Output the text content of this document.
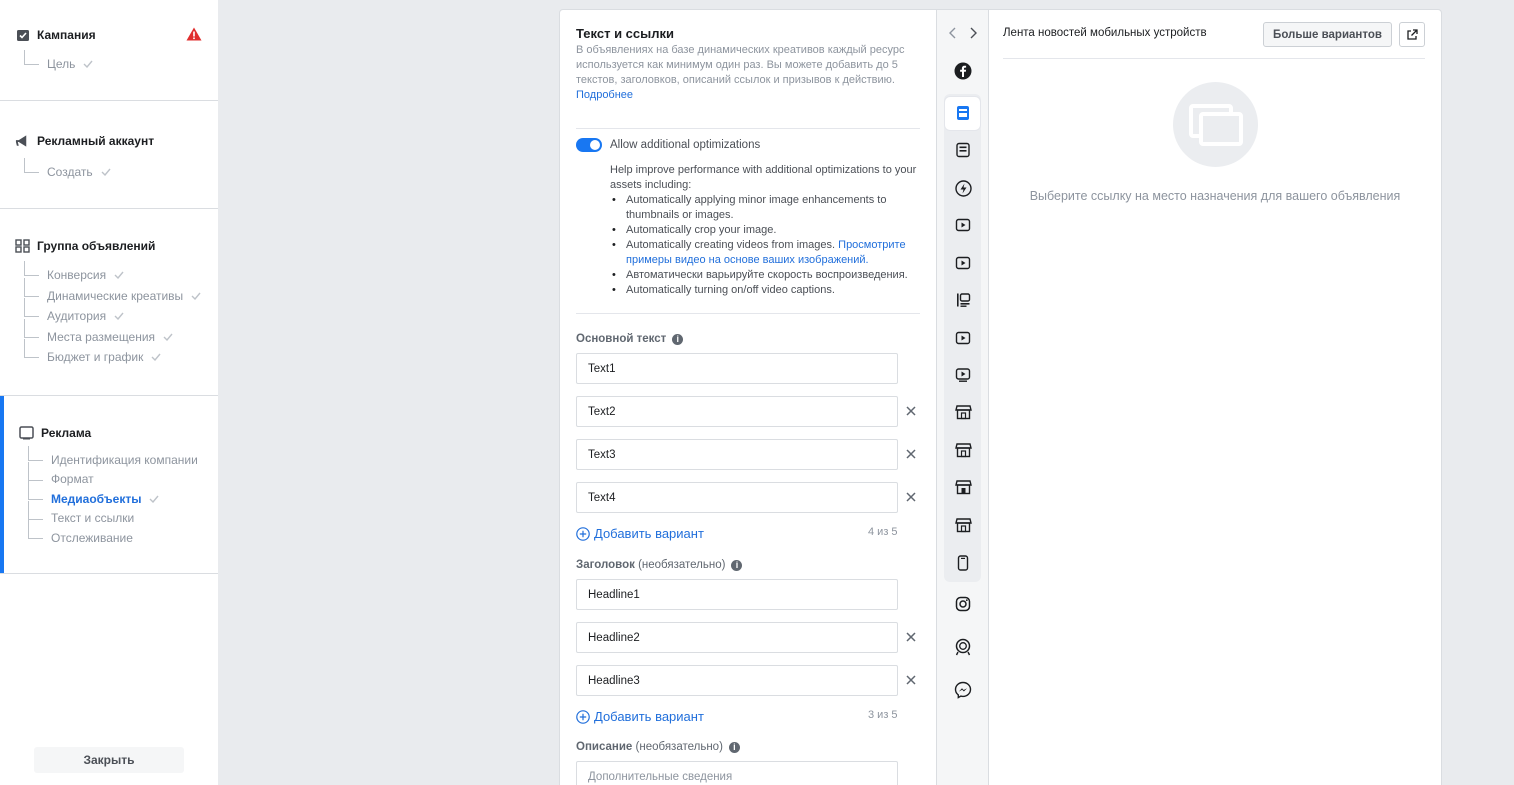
Кампания
Цель
Рекламный аккаунт
Создать
Группа объявлений
Конверсия
Динамические креативы
Аудитория
Места размещения
Бюджет и график
Реклама
Идентификация компании
Формат
Медиаобъекты
Текст и ссылки
Отслеживание
Закрыть
Текст и ссылки
В объявлениях на базе динамических креативов каждый ресурс используется как минимум один раз. Вы можете добавить до 5 текстов, заголовков, описаний ссылок и призывов к действию. Подробнее
Allow additional optimizations
Help improve performance with additional optimizations to your assets including:
• Automatically applying minor image enhancements to thumbnails or images.
• Automatically crop your image.
• Automatically creating videos from images. Просмотрите примеры видео на основе ваших изображений.
• Автоматически варьируйте скорость воспроизведения.
• Automatically turning on/off video captions.
Основной текст	i
Text1
Text2
Text3
Text4
Добавить вариант	4 из 5
Заголовок (необязательно)	i
Headline1
Headline2
Headline3
Добавить вариант	3 из 5
Описание (необязательно)	i
Дополнительные сведения
Лента новостей мобильных устройств	Больше вариантов
Выберите ссылку на место назначения для вашего объявления
